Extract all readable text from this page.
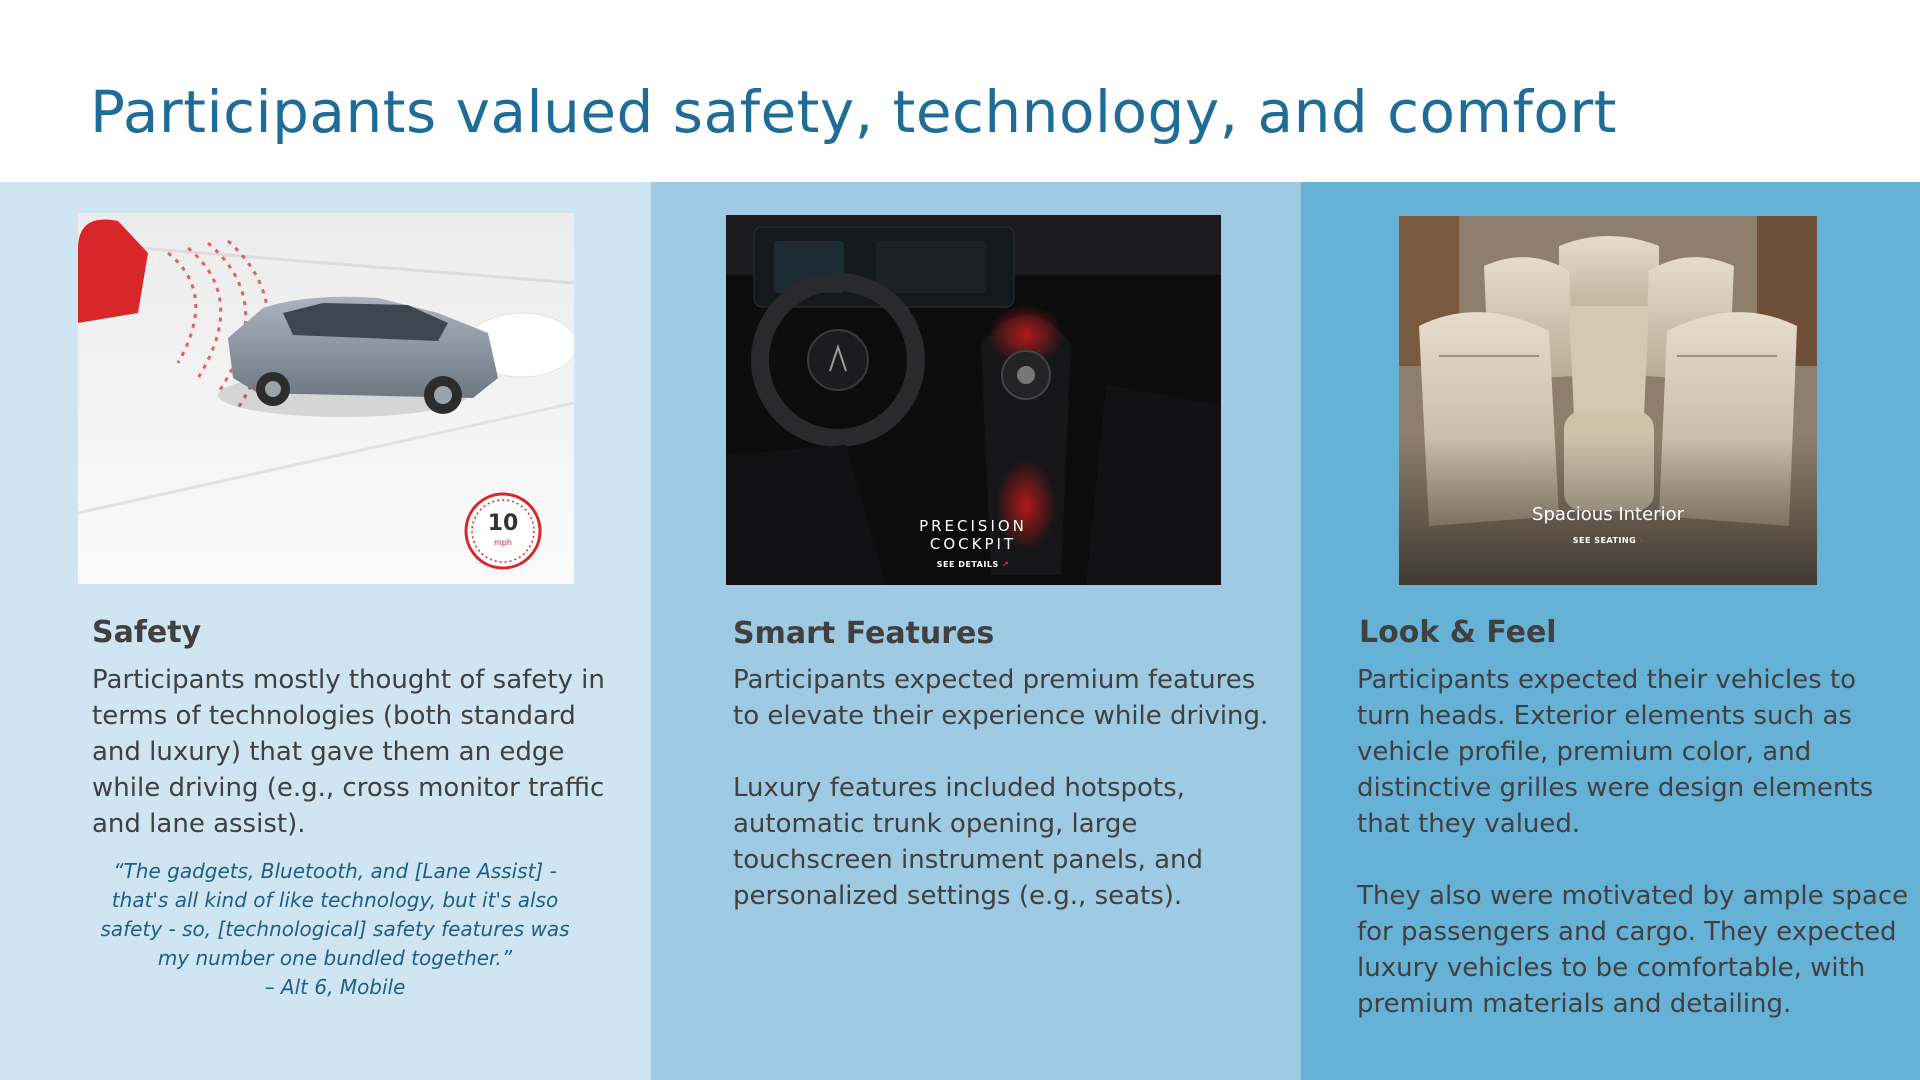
Participants valued safety, technology, and comfort
10
mph
Safety

Participants mostly thought of safety in terms of technologies (both standard and luxury) that gave them an edge while driving (e.g., cross monitor traffic and lane assist).

“The gadgets, Bluetooth, and [Lane Assist] - that's all kind of like technology, but it's also safety - so, [technological] safety features was my number one bundled together.”
– Alt 6, Mobile
PRECISION
COCKPIT
SEE DETAILS ↗
Smart Features

Participants expected premium features to elevate their experience while driving.

Luxury features included hotspots, automatic trunk opening, large touchscreen instrument panels, and personalized settings (e.g., seats).

Spacious Interior
SEE SEATING ›
Look & Feel

Participants expected their vehicles to turn heads. Exterior elements such as vehicle profile, premium color, and distinctive grilles were design elements that they valued.

They also were motivated by ample space for passengers and cargo. They expected luxury vehicles to be comfortable, with premium materials and detailing.
